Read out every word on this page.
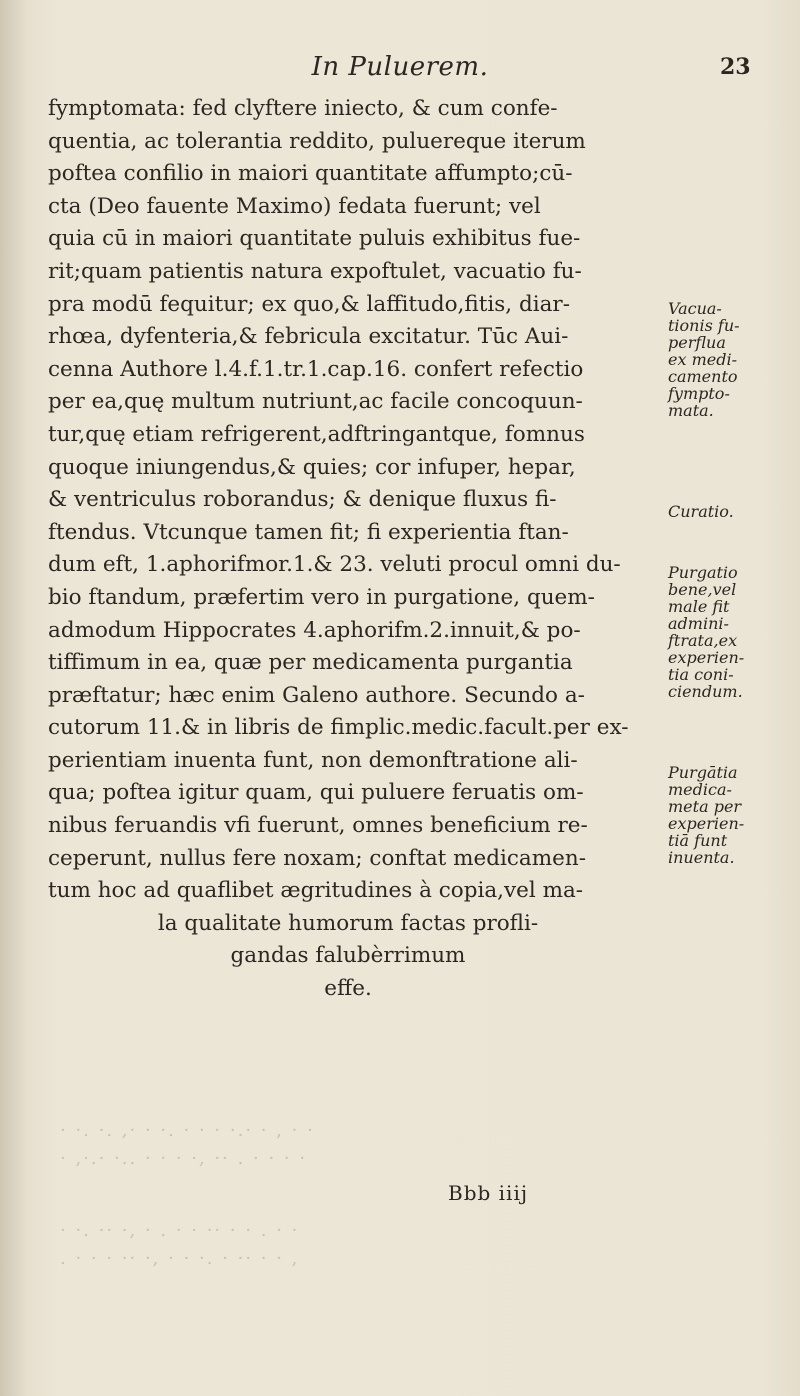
In Puluerem.	23
fymptomata: fed clyftere iniecto, & cum confe-
quentia, ac tolerantia reddito, puluereque iterum
poftea confilio in maiori quantitate affumpto;cū-
cta (Deo fauente Maximo) fedata fuerunt; vel
quia cū in maiori quantitate puluis exhibitus fue-
rit;quam patientis natura expoftulet, vacuatio fu-
pra modū fequitur; ex quo,& laffitudo,fitis, diar-
rhœa, dyfenteria,& febricula excitatur. Tūc Aui-
cenna Authore l.4.f.1.tr.1.cap.16. confert refectio
per ea,quę multum nutriunt,ac facile concoquun-
tur,quę etiam refrigerent,adftringantque, fomnus
quoque iniungendus,& quies; cor infuper, hepar,
& ventriculus roborandus; & denique fluxus fi-
ftendus. Vtcunque tamen fit; fi experientia ftan-
dum eft, 1.aphorifmor.1.& 23. veluti procul omni du-
bio ftandum, præfertim vero in purgatione, quem-
admodum Hippocrates 4.aphorifm.2.innuit,& po-
tiffimum in ea, quæ per medicamenta purgantia
præftatur; hæc enim Galeno authore. Secundo a-
cutorum 11.& in libris de fimplic.medic.facult.per ex-
perientiam inuenta funt, non demonftratione ali-
qua; poftea igitur quam, qui puluere feruatis om-
nibus feruandis vfi fuerunt, omnes beneficium re-
ceperunt, nullus fere noxam; conftat medicamen-
tum hoc ad quaflibet ægritudines à copia,vel ma-
la qualitate humorum factas profli-
gandas falubèrrimum
effe.
Vacua-
tionis fu-
perflua
ex medi-
camento
fympto-
mata.
Curatio.
Purgatio
bene,vel
male fit
admini-
ftrata,ex
experien-
tia coni-
ciendum.
Purgātia
medica-
meta per
experien-
tiā funt
inuenta.
Bbb iiij
· ·. ·. ,· · ·. · · · ·.· · , · ·
· ,·.· ·.. · · · ·, ·· . · · · ·
· ·. ·· ·, · . · · ·· · · . · ·
. · · · ·· ·, · · ·. · ·· · · ,
